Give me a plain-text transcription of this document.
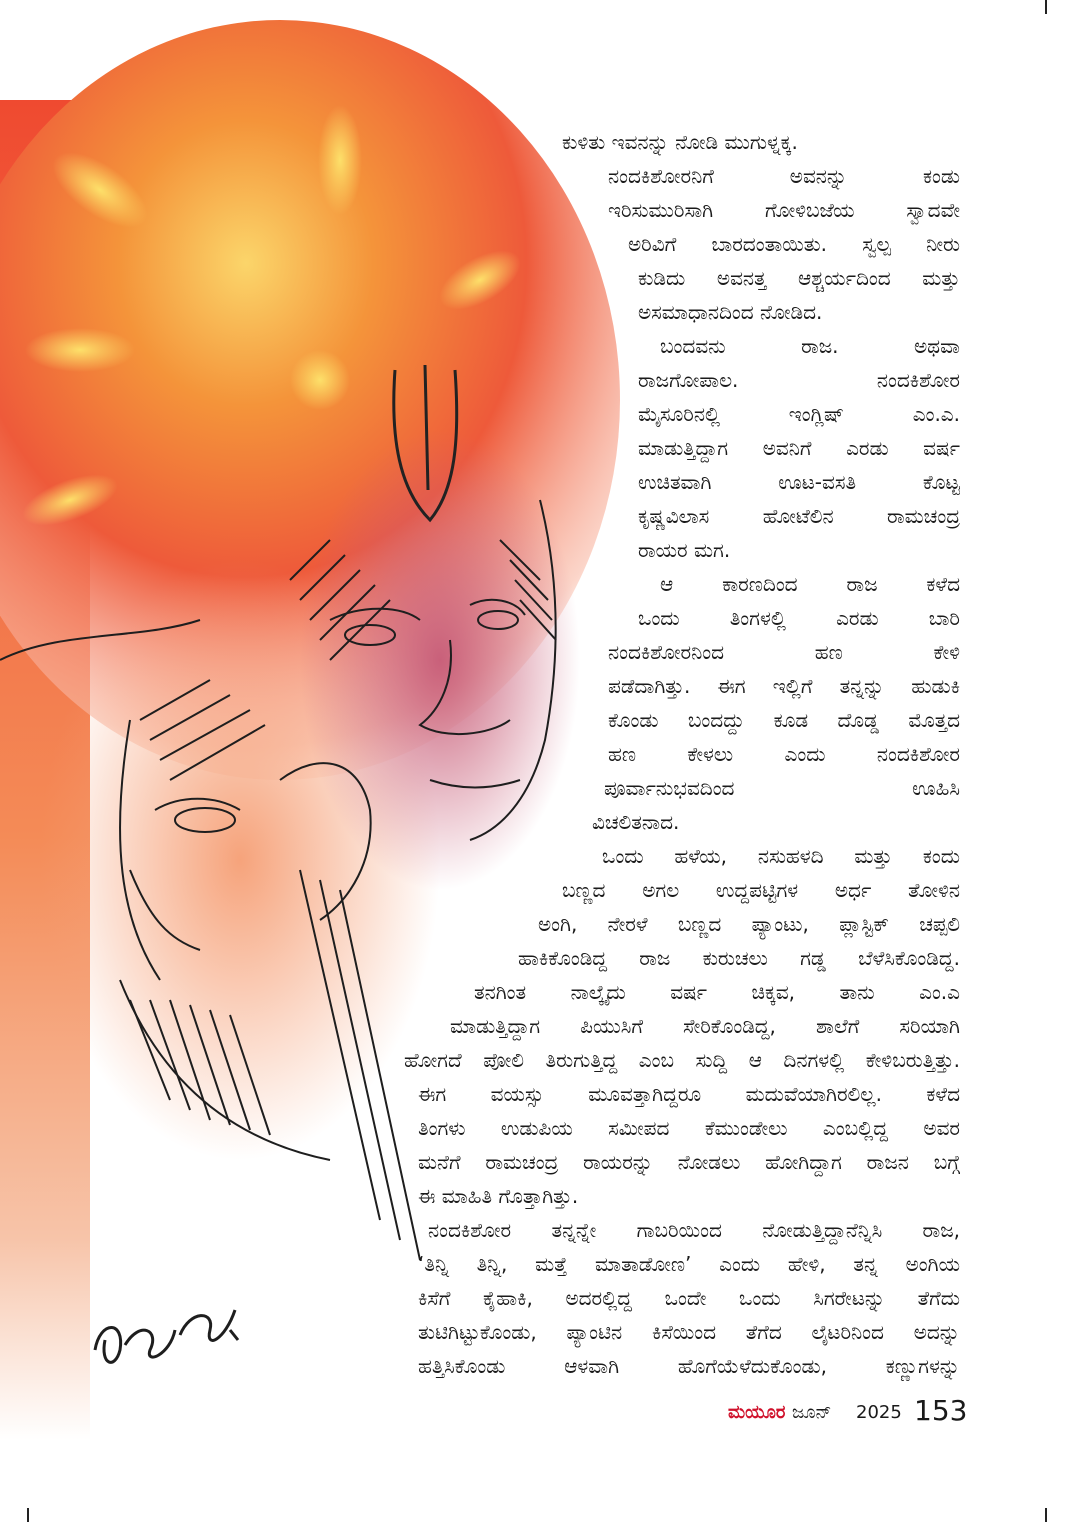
ಜಾಲಿಜ
ಕುಳಿತು ಇವನನ್ನು ನೋಡಿ ಮುಗುಳ್ನಕ್ಕ.
ನಂದಕಿಶೋರನಿಗೆ ಅವನನ್ನು ಕಂಡು
ಇರಿಸುಮುರಿಸಾಗಿ ಗೋಳಿಬಜೆಯ ಸ್ವಾದವೇ
ಅರಿವಿಗೆ ಬಾರದಂತಾಯಿತು. ಸ್ವಲ್ಪ ನೀರು
ಕುಡಿದು ಅವನತ್ತ ಆಶ್ಚರ್ಯದಿಂದ ಮತ್ತು
ಅಸಮಾಧಾನದಿಂದ ನೋಡಿದ.
ಬಂದವನು ರಾಜ. ಅಥವಾ
ರಾಜಗೋಪಾಲ. ನಂದಕಿಶೋರ
ಮೈಸೂರಿನಲ್ಲಿ ಇಂಗ್ಲಿಷ್ ಎಂ.ಎ.
ಮಾಡುತ್ತಿದ್ದಾಗ ಅವನಿಗೆ ಎರಡು ವರ್ಷ
ಉಚಿತವಾಗಿ ಊಟ-ವಸತಿ ಕೊಟ್ಟ
ಕೃಷ್ಣವಿಲಾಸ ಹೋಟೆಲಿನ ರಾಮಚಂದ್ರ
ರಾಯರ ಮಗ.
ಆ ಕಾರಣದಿಂದ ರಾಜ ಕಳೆದ
ಒಂದು ತಿಂಗಳಲ್ಲಿ ಎರಡು ಬಾರಿ
ನಂದಕಿಶೋರನಿಂದ ಹಣ ಕೇಳಿ
ಪಡೆದಾಗಿತ್ತು. ಈಗ ಇಲ್ಲಿಗೆ ತನ್ನನ್ನು ಹುಡುಕಿ
ಕೊಂಡು ಬಂದದ್ದು ಕೂಡ ದೊಡ್ಡ ಮೊತ್ತದ
ಹಣ ಕೇಳಲು ಎಂದು ನಂದಕಿಶೋರ
ಪೂರ್ವಾನುಭವದಿಂದ ಊಹಿಸಿ
ವಿಚಲಿತನಾದ.
ಒಂದು ಹಳೆಯ, ನಸುಹಳದಿ ಮತ್ತು ಕಂದು
ಬಣ್ಣದ ಅಗಲ ಉದ್ದಪಟ್ಟಿಗಳ ಅರ್ಧ ತೋಳಿನ
ಅಂಗಿ, ನೇರಳೆ ಬಣ್ಣದ ಪ್ಯಾಂಟು, ಪ್ಲಾಸ್ಟಿಕ್ ಚಪ್ಪಲಿ
ಹಾಕಿಕೊಂಡಿದ್ದ ರಾಜ ಕುರುಚಲು ಗಡ್ಡ ಬೆಳೆಸಿಕೊಂಡಿದ್ದ.
ತನಗಿಂತ ನಾಲ್ಕೈದು ವರ್ಷ ಚಿಕ್ಕವ, ತಾನು ಎಂ.ಎ
ಮಾಡುತ್ತಿದ್ದಾಗ ಪಿಯುಸಿಗೆ ಸೇರಿಕೊಂಡಿದ್ದ, ಶಾಲೆಗೆ ಸರಿಯಾಗಿ
ಹೋಗದೆ ಪೋಲಿ ತಿರುಗುತ್ತಿದ್ದ ಎಂಬ ಸುದ್ದಿ ಆ ದಿನಗಳಲ್ಲಿ ಕೇಳಿಬರುತ್ತಿತ್ತು.
ಈಗ ವಯಸ್ಸು ಮೂವತ್ತಾಗಿದ್ದರೂ ಮದುವೆಯಾಗಿರಲಿಲ್ಲ. ಕಳೆದ
ತಿಂಗಳು ಉಡುಪಿಯ ಸಮೀಪದ ಕೆಮುಂಡೇಲು ಎಂಬಲ್ಲಿದ್ದ ಅವರ
ಮನೆಗೆ ರಾಮಚಂದ್ರ ರಾಯರನ್ನು ನೋಡಲು ಹೋಗಿದ್ದಾಗ ರಾಜನ ಬಗ್ಗೆ
ಈ ಮಾಹಿತಿ ಗೊತ್ತಾಗಿತ್ತು.
ನಂದಕಿಶೋರ ತನ್ನನ್ನೇ ಗಾಬರಿಯಿಂದ ನೋಡುತ್ತಿದ್ದಾನೆನ್ನಿಸಿ ರಾಜ,
‘ತಿನ್ನಿ ತಿನ್ನಿ, ಮತ್ತೆ ಮಾತಾಡೋಣ’ ಎಂದು ಹೇಳಿ, ತನ್ನ ಅಂಗಿಯ
ಕಿಸೆಗೆ ಕೈಹಾಕಿ, ಅದರಲ್ಲಿದ್ದ ಒಂದೇ ಒಂದು ಸಿಗರೇಟನ್ನು ತೆಗೆದು
ತುಟಿಗಿಟ್ಟುಕೊಂಡು, ಪ್ಯಾಂಟಿನ ಕಿಸೆಯಿಂದ ತೆಗೆದ ಲೈಟರಿನಿಂದ ಅದನ್ನು
ಹತ್ತಿಸಿಕೊಂಡು ಆಳವಾಗಿ ಹೊಗೆಯೆಳೆದುಕೊಂಡು, ಕಣ್ಣುಗಳನ್ನು
ಮಯೂರ ಜೂನ್ 2025 153
